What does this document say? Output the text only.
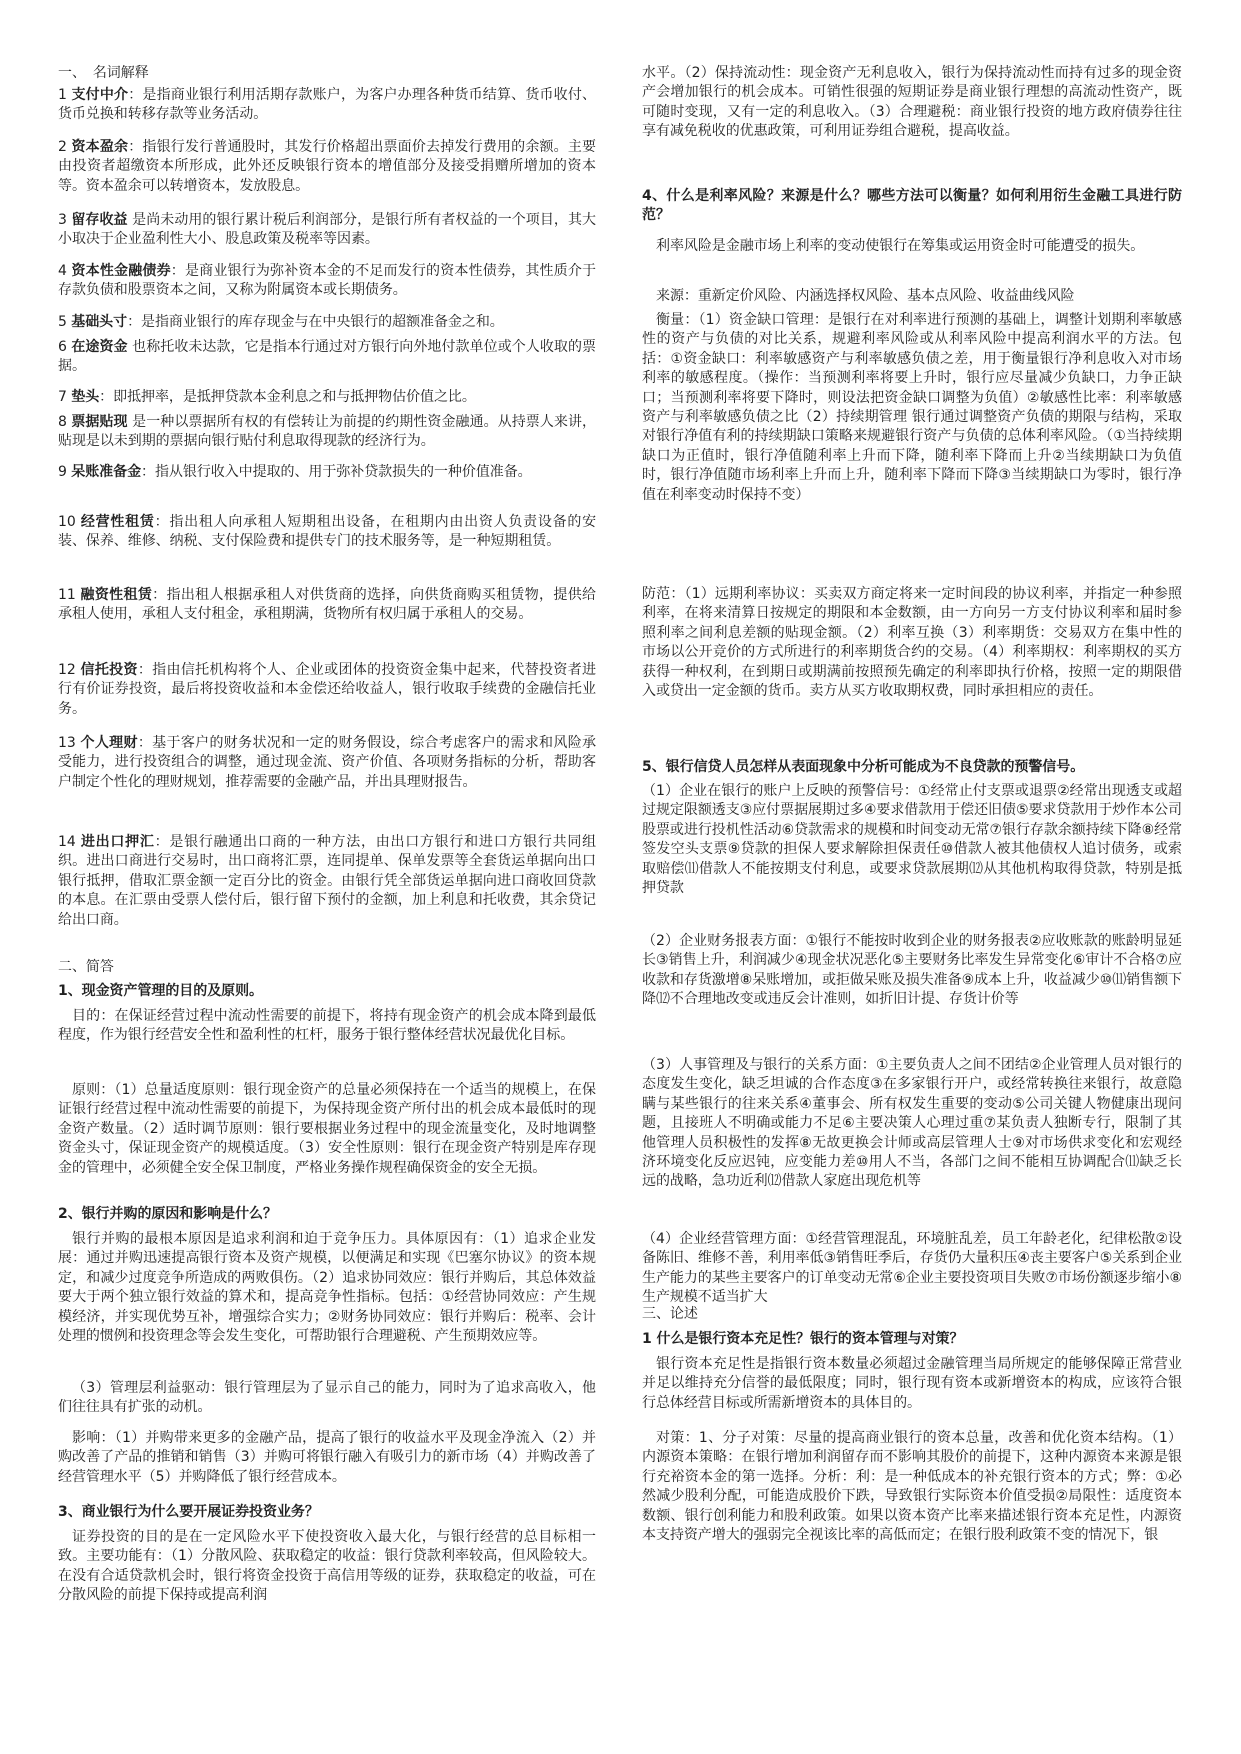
一、　名词解释

1 支付中介：是指商业银行利用活期存款账户，为客户办理各种货币结算、货币收付、货币兑换和转移存款等业务活动。

2 资本盈余：指银行发行普通股时，其发行价格超出票面价去掉发行费用的余额。主要由投资者超缴资本所形成，此外还反映银行资本的增值部分及接受捐赠所增加的资本等。资本盈余可以转增资本，发放股息。

3 留存收益 是尚未动用的银行累计税后利润部分，是银行所有者权益的一个项目，其大小取决于企业盈利性大小、股息政策及税率等因素。

4 资本性金融债券：是商业银行为弥补资本金的不足而发行的资本性债券，其性质介于存款负债和股票资本之间，又称为附属资本或长期债务。

5 基础头寸：是指商业银行的库存现金与在中央银行的超额准备金之和。

6 在途资金 也称托收未达款，它是指本行通过对方银行向外地付款单位或个人收取的票据。

7 垫头：即抵押率，是抵押贷款本金利息之和与抵押物估价值之比。

8 票据贴现 是一种以票据所有权的有偿转让为前提的约期性资金融通。从持票人来讲，贴现是以未到期的票据向银行贴付利息取得现款的经济行为。

9 呆账准备金：指从银行收入中提取的、用于弥补贷款损失的一种价值准备。

10 经营性租赁：指出租人向承租人短期租出设备，在租期内由出资人负责设备的安装、保养、维修、纳税、支付保险费和提供专门的技术服务等，是一种短期租赁。

11 融资性租赁：指出租人根据承租人对供货商的选择，向供货商购买租赁物，提供给承租人使用，承租人支付租金，承租期满，货物所有权归属于承租人的交易。

12 信托投资：指由信托机构将个人、企业或团体的投资资金集中起来，代替投资者进行有价证券投资，最后将投资收益和本金偿还给收益人，银行收取手续费的金融信托业务。

13 个人理财：基于客户的财务状况和一定的财务假设，综合考虑客户的需求和风险承受能力，进行投资组合的调整，通过现金流、资产价值、各项财务指标的分析，帮助客户制定个性化的理财规划，推荐需要的金融产品，并出具理财报告。

14 进出口押汇：是银行融通出口商的一种方法，由出口方银行和进口方银行共同组织。进出口商进行交易时，出口商将汇票，连同提单、保单发票等全套货运单据向出口银行抵押，借取汇票金额一定百分比的资金。由银行凭全部货运单据向进口商收回贷款的本息。在汇票由受票人偿付后，银行留下预付的金额，加上利息和托收费，其余贷记给出口商。

二、简答

1、现金资产管理的目的及原则。

目的：在保证经营过程中流动性需要的前提下，将持有现金资产的机会成本降到最低程度，作为银行经营安全性和盈利性的杠杆，服务于银行整体经营状况最优化目标。

原则：（1）总量适度原则：银行现金资产的总量必须保持在一个适当的规模上，在保证银行经营过程中流动性需要的前提下，为保持现金资产所付出的机会成本最低时的现金资产数量。（2）适时调节原则：银行要根据业务过程中的现金流量变化，及时地调整资金头寸，保证现金资产的规模适度。（3）安全性原则：银行在现金资产特别是库存现金的管理中，必须健全安全保卫制度，严格业务操作规程确保资金的安全无损。

2、银行并购的原因和影响是什么？

银行并购的最根本原因是追求利润和迫于竞争压力。具体原因有：（1）追求企业发展：通过并购迅速提高银行资本及资产规模，以便满足和实现《巴塞尔协议》的资本规定，和减少过度竞争所造成的两败俱伤。（2）追求协同效应：银行并购后，其总体效益要大于两个独立银行效益的算术和，提高竞争性指标。包括：①经营协同效应：产生规模经济，并实现优势互补，增强综合实力；②财务协同效应：银行并购后：税率、会计处理的惯例和投资理念等会发生变化，可帮助银行合理避税、产生预期效应等。

（3）管理层利益驱动：银行管理层为了显示自己的能力，同时为了追求高收入，他们往往具有扩张的动机。

影响：（1）并购带来更多的金融产品，提高了银行的收益水平及现金净流入（2）并购改善了产品的推销和销售（3）并购可将银行融入有吸引力的新市场（4）并购改善了经营管理水平（5）并购降低了银行经营成本。

3、商业银行为什么要开展证券投资业务？

证券投资的目的是在一定风险水平下使投资收入最大化，与银行经营的总目标相一致。主要功能有：（1）分散风险、获取稳定的收益：银行贷款利率较高，但风险较大。在没有合适贷款机会时，银行将资金投资于高信用等级的证券，获取稳定的收益，可在分散风险的前提下保持或提高利润

水平。（2）保持流动性：现金资产无利息收入，银行为保持流动性而持有过多的现金资产会增加银行的机会成本。可销性很强的短期证券是商业银行理想的高流动性资产，既可随时变现，又有一定的利息收入。（3）合理避税：商业银行投资的地方政府债券往往享有减免税收的优惠政策，可利用证券组合避税，提高收益。

4、什么是利率风险？来源是什么？哪些方法可以衡量？如何利用衍生金融工具进行防范？

利率风险是金融市场上利率的变动使银行在筹集或运用资金时可能遭受的损失。

来源：重新定价风险、内涵选择权风险、基本点风险、收益曲线风险

衡量：（1）资金缺口管理：是银行在对利率进行预测的基础上，调整计划期利率敏感性的资产与负债的对比关系，规避利率风险或从利率风险中提高利润水平的方法。包括：①资金缺口：利率敏感资产与利率敏感负债之差，用于衡量银行净利息收入对市场利率的敏感程度。（操作：当预测利率将要上升时，银行应尽量减少负缺口，力争正缺口；当预测利率将要下降时，则设法把资金缺口调整为负值）②敏感性比率：利率敏感资产与利率敏感负债之比（2）持续期管理 银行通过调整资产负债的期限与结构，采取对银行净值有利的持续期缺口策略来规避银行资产与负债的总体利率风险。（①当持续期缺口为正值时，银行净值随利率上升而下降，随利率下降而上升②当续期缺口为负值时，银行净值随市场利率上升而上升，随利率下降而下降③当续期缺口为零时，银行净值在利率变动时保持不变）

防范：（1）远期利率协议：买卖双方商定将来一定时间段的协议利率，并指定一种参照利率，在将来清算日按规定的期限和本金数额，由一方向另一方支付协议利率和届时参照利率之间利息差额的贴现金额。（2）利率互换（3）利率期货：交易双方在集中性的市场以公开竞价的方式所进行的利率期货合约的交易。（4）利率期权：利率期权的买方获得一种权利，在到期日或期满前按照预先确定的利率即执行价格，按照一定的期限借入或贷出一定金额的货币。卖方从买方收取期权费，同时承担相应的责任。

5、银行信贷人员怎样从表面现象中分析可能成为不良贷款的预警信号。

（1）企业在银行的账户上反映的预警信号：①经常止付支票或退票②经常出现透支或超过规定限额透支③应付票据展期过多④要求借款用于偿还旧债⑤要求贷款用于炒作本公司股票或进行投机性活动⑥贷款需求的规模和时间变动无常⑦银行存款余额持续下降⑧经常签发空头支票⑨贷款的担保人要求解除担保责任⑩借款人被其他债权人追讨债务，或索取赔偿⑾借款人不能按期支付利息，或要求贷款展期⑿从其他机构取得贷款，特别是抵押贷款

（2）企业财务报表方面：①银行不能按时收到企业的财务报表②应收账款的账龄明显延长③销售上升，利润减少④现金状况恶化⑤主要财务比率发生异常变化⑥审计不合格⑦应收款和存货激增⑧呆账增加，或拒做呆账及损失准备⑨成本上升，收益减少⑩⑾销售额下降⑿不合理地改变或违反会计准则，如折旧计提、存货计价等

（3）人事管理及与银行的关系方面：①主要负责人之间不团结②企业管理人员对银行的态度发生变化，缺乏坦诚的合作态度③在多家银行开户，或经常转换往来银行，故意隐瞒与某些银行的往来关系④董事会、所有权发生重要的变动⑤公司关键人物健康出现问题，且接班人不明确或能力不足⑥主要决策人心理过重⑦某负责人独断专行，限制了其他管理人员积极性的发挥⑧无故更换会计师或高层管理人士⑨对市场供求变化和宏观经济环境变化反应迟钝，应变能力差⑩用人不当，各部门之间不能相互协调配合⑾缺乏长远的战略，急功近利⑿借款人家庭出现危机等

（4）企业经营管理方面：①经营管理混乱，环境脏乱差，员工年龄老化，纪律松散②设备陈旧、维修不善，利用率低③销售旺季后，存货仍大量积压④丧主要客户⑤关系到企业生产能力的某些主要客户的订单变动无常⑥企业主要投资项目失败⑦市场份额逐步缩小⑧生产规模不适当扩大

三、论述

1 什么是银行资本充足性？银行的资本管理与对策？

银行资本充足性是指银行资本数量必须超过金融管理当局所规定的能够保障正常营业并足以维持充分信誉的最低限度；同时，银行现有资本或新增资本的构成，应该符合银行总体经营目标或所需新增资本的具体目的。

对策：1、分子对策：尽量的提高商业银行的资本总量，改善和优化资本结构。（1）内源资本策略：在银行增加利润留存而不影响其股价的前提下，这种内源资本来源是银行充裕资本金的第一选择。分析：利：是一种低成本的补充银行资本的方式；弊：①必然减少股利分配，可能造成股价下跌，导致银行实际资本价值受损②局限性：适度资本数额、银行创利能力和股利政策。如果以资本资产比率来描述银行资本充足性，内源资本支持资产增大的强弱完全视该比率的高低而定；在银行股利政策不变的情况下，银
